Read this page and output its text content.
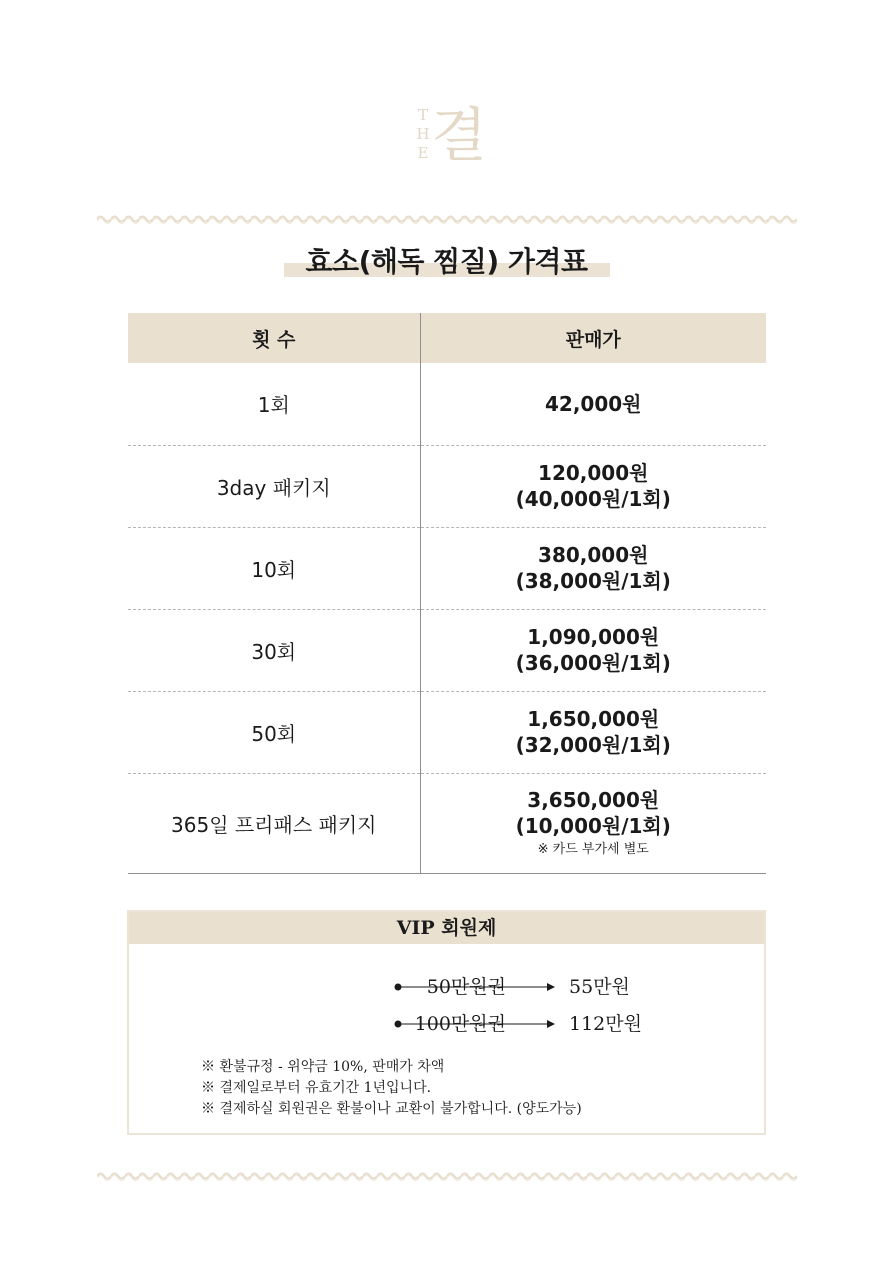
T
H
E 결
효소(해독 찜질) 가격표
횟 수	판매가
1회	42,000원
3day 패키지	120,000원
(40,000원/1회)
10회	380,000원
(38,000원/1회)
30회	1,090,000원
(36,000원/1회)
50회	1,650,000원
(32,000원/1회)
365일 프리패스 패키지	3,650,000원
(10,000원/1회)
※ 카드 부가세 별도
VIP 회원제
50만원권	55만원
100만원권	112만원
※ 환불규정 - 위약금 10%, 판매가 차액
※ 결제일로부터 유효기간 1년입니다.
※ 결제하실 회원권은 환불이나 교환이 불가합니다. (양도가능)
